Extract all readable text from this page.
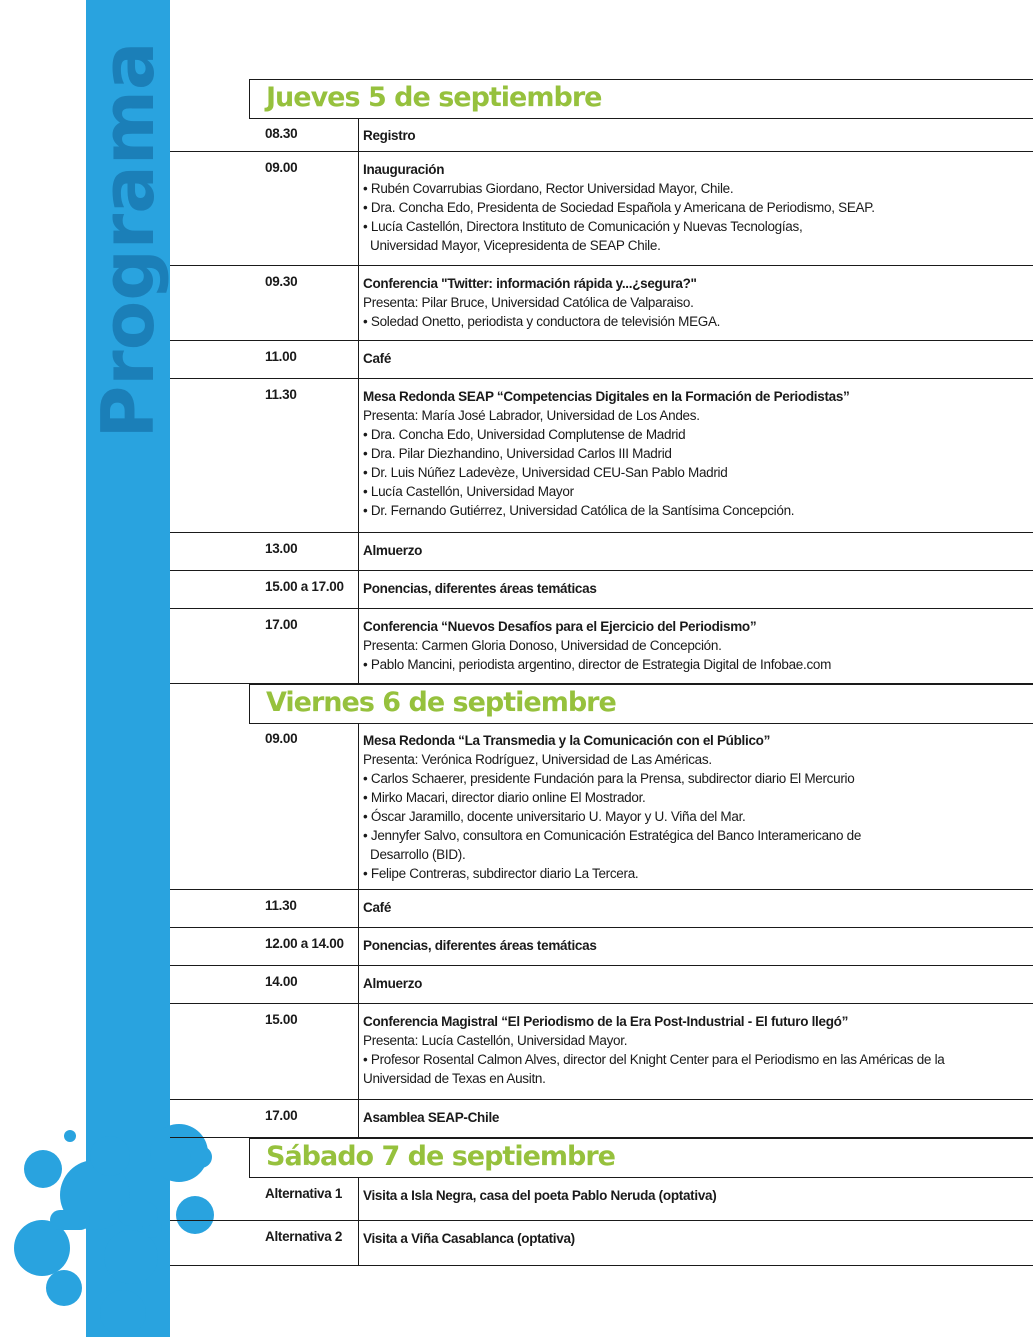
Programa	08.30	Registro
09.00	Inauguración
• Rubén Covarrubias Giordano, Rector Universidad Mayor, Chile.
• Dra. Concha Edo, Presidenta de Sociedad Española y Americana de Periodismo, SEAP.
• Lucía Castellón, Directora Instituto de Comunicación y Nuevas Tecnologías,
Universidad Mayor, Vicepresidenta de SEAP Chile.
09.30	Conferencia "Twitter: información rápida y...¿segura?"
Presenta: Pilar Bruce, Universidad Católica de Valparaiso.
• Soledad Onetto, periodista y conductora de televisión MEGA.
11.00	Café
11.30	Mesa Redonda SEAP “Competencias Digitales en la Formación de Periodistas”
Presenta: María José Labrador, Universidad de Los Andes.
• Dra. Concha Edo, Universidad Complutense de Madrid
• Dra. Pilar Diezhandino, Universidad Carlos III Madrid
• Dr. Luis Núñez Ladevèze, Universidad CEU-San Pablo Madrid
• Lucía Castellón, Universidad Mayor
• Dr. Fernando Gutiérrez, Universidad Católica de la Santísima Concepción.
13.00	Almuerzo
15.00 a 17.00 Ponencias, diferentes áreas temáticas
17.00	Conferencia “Nuevos Desafíos para el Ejercicio del Periodismo”
Presenta: Carmen Gloria Donoso, Universidad de Concepción.
• Pablo Mancini, periodista argentino, director de Estrategia Digital de Infobae.com
09.00	Mesa Redonda “La Transmedia y la Comunicación con el Público”
Presenta: Verónica Rodríguez, Universidad de Las Américas.
• Carlos Schaerer, presidente Fundación para la Prensa, subdirector diario El Mercurio
• Mirko Macari, director diario online El Mostrador.
• Óscar Jaramillo, docente universitario U. Mayor y U. Viña del Mar.
• Jennyfer Salvo, consultora en Comunicación Estratégica del Banco Interamericano de
Desarrollo (BID).
• Felipe Contreras, subdirector diario La Tercera.
11.30	Café
12.00 a 14.00 Ponencias, diferentes áreas temáticas
14.00	Almuerzo
15.00	Conferencia Magistral “El Periodismo de la Era Post-Industrial - El futuro llegó”
Presenta: Lucía Castellón, Universidad Mayor.
• Profesor Rosental Calmon Alves, director del Knight Center para el Periodismo en las Américas de la
Universidad de Texas en Ausitn.
17.00	Asamblea SEAP-Chile
Alternativa 1 Visita a Isla Negra, casa del poeta Pablo Neruda (optativa)
Alternativa 2 Visita a Viña Casablanca (optativa)
Jueves 5 de septiembre
Viernes 6 de septiembre
Sábado 7 de septiembre
